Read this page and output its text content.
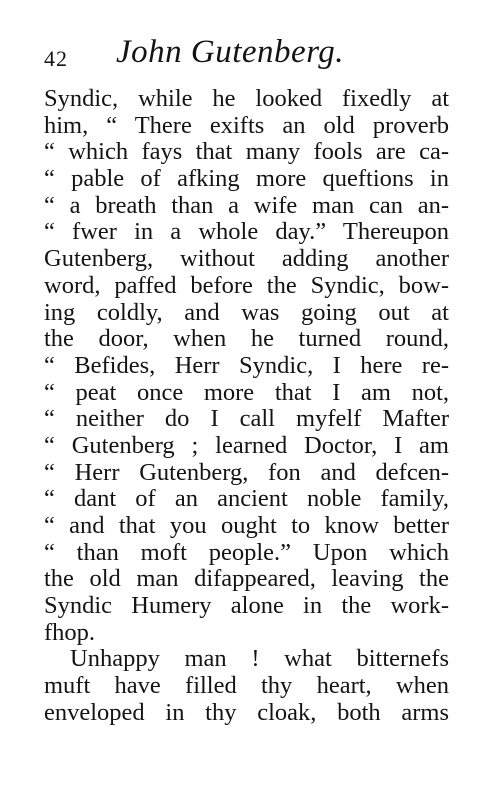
42 John Gutenberg.
Syndic, while he looked fixedly at
him, “ There exifts an old proverb
“ which fays that many fools are ca-
“ pable of afking more queftions in
“ a breath than a wife man can an-
“ fwer in a whole day.” Thereupon
Gutenberg, without adding another
word, paffed before the Syndic, bow-
ing coldly, and was going out at
the door, when he turned round,
“ Befides, Herr Syndic, I here re-
“ peat once more that I am not,
“ neither do I call myfelf Mafter
“ Gutenberg ; learned Doctor, I am
“ Herr Gutenberg, fon and defcen-
“ dant of an ancient noble family,
“ and that you ought to know better
“ than moft people.” Upon which
the old man difappeared, leaving the
Syndic Humery alone in the work-
fhop.
Unhappy man ! what bitternefs
muft have filled thy heart, when
enveloped in thy cloak, both arms
